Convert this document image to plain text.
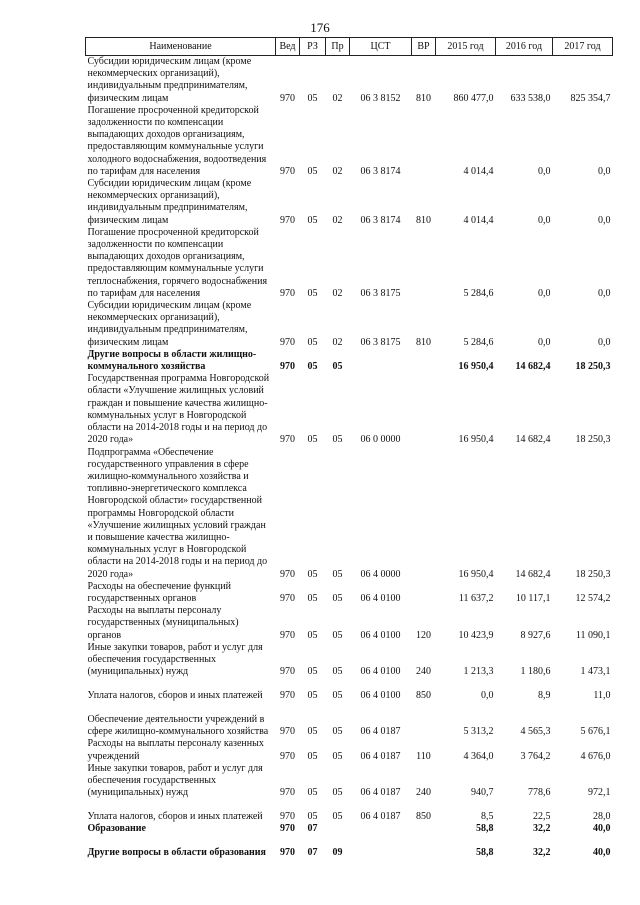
176
Наименование	Вед	РЗ	Пр	ЦСТ	ВР	2015 год	2016 год	2017 год
Субсидии юридическим лицам (кроме некоммерческих организаций), индивидуальным предпринимателям, физическим лицам	970	05	02	06 3 8152	810	860 477,0	633 538,0	825 354,7
Погашение просроченной кредиторской задолженности по компенсации выпадающих доходов организациям, предоставляющим коммунальные услуги холодного водоснабжения, водоотведения по тарифам для населения	970	05	02	06 3 8174		4 014,4	0,0	0,0
Субсидии юридическим лицам (кроме некоммерческих организаций), индивидуальным предпринимателям, физическим лицам	970	05	02	06 3 8174	810	4 014,4	0,0	0,0
Погашение просроченной кредиторской задолженности по компенсации выпадающих доходов организациям, предоставляющим коммунальные услуги теплоснабжения, горячего водоснабжения по тарифам для населения	970	05	02	06 3 8175		5 284,6	0,0	0,0
Субсидии юридическим лицам (кроме некоммерческих организаций), индивидуальным предпринимателям, физическим лицам	970	05	02	06 3 8175	810	5 284,6	0,0	0,0
Другие вопросы в области жилищно-коммунального хозяйства	970	05	05			16 950,4	14 682,4	18 250,3
Государственная программа Новгородской области «Улучшение жилищных условий граждан и повышение качества жилищно-коммунальных услуг в Новгородской области на 2014-2018 годы и на период до 2020 года»	970	05	05	06 0 0000		16 950,4	14 682,4	18 250,3
Подпрограмма «Обеспечение государственного управления в сфере жилищно-коммунального хозяйства и топливно-энергетического комплекса Новгородской области» государственной программы Новгородской области «Улучшение жилищных условий граждан и повышение качества жилищно-коммунальных услуг в Новгородской области на 2014-2018 годы и на период до 2020 года»	970	05	05	06 4 0000		16 950,4	14 682,4	18 250,3
Расходы на обеспечение функций государственных органов	970	05	05	06 4 0100		11 637,2	10 117,1	12 574,2
Расходы на выплаты персоналу государственных (муниципальных) органов	970	05	05	06 4 0100	120	10 423,9	8 927,6	11 090,1
Иные закупки товаров, работ и услуг для обеспечения государственных (муниципальных) нужд	970	05	05	06 4 0100	240	1 213,3	1 180,6	1 473,1
Уплата налогов, сборов и иных платежей	970	05	05	06 4 0100	850	0,0	8,9	11,0
Обеспечение деятельности учреждений в сфере жилищно-коммунального хозяйства	970	05	05	06 4 0187		5 313,2	4 565,3	5 676,1
Расходы на выплаты персоналу казенных учреждений	970	05	05	06 4 0187	110	4 364,0	3 764,2	4 676,0
Иные закупки товаров, работ и услуг для обеспечения государственных (муниципальных) нужд	970	05	05	06 4 0187	240	940,7	778,6	972,1
Уплата налогов, сборов и иных платежей	970	05	05	06 4 0187	850	8,5	22,5	28,0
Образование	970	07				58,8	32,2	40,0
Другие вопросы в области образования	970	07	09			58,8	32,2	40,0
